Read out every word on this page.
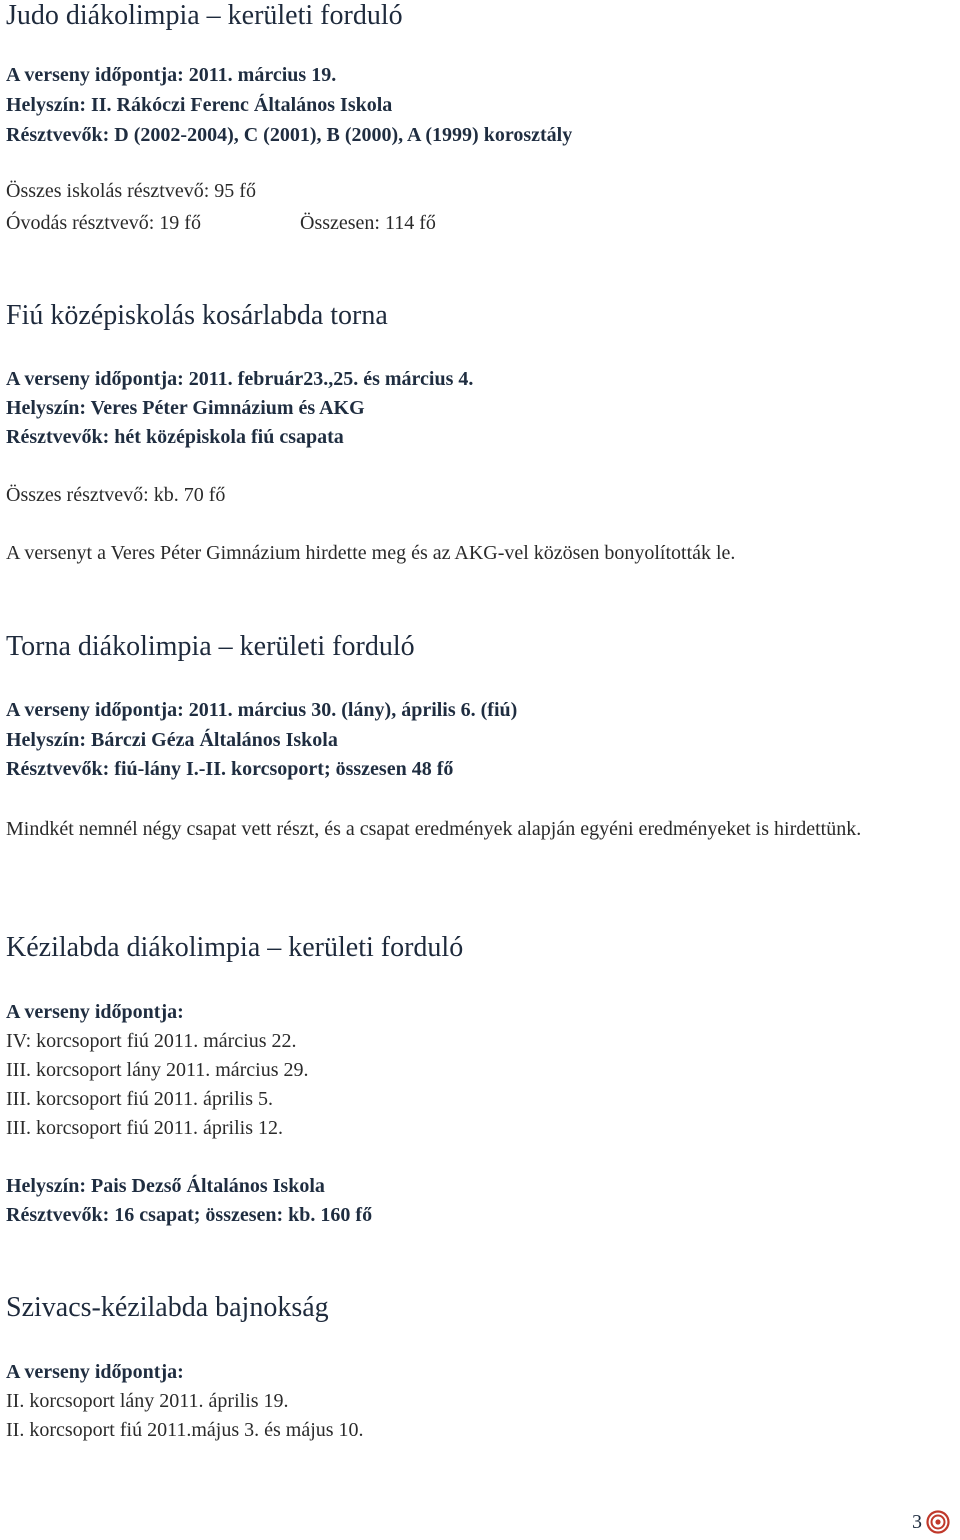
Judo diákolimpia – kerületi forduló
A verseny időpontja: 2011. március 19.
Helyszín: II. Rákóczi Ferenc Általános Iskola
Résztvevők: D (2002-2004), C (2001), B (2000), A (1999) korosztály
Összes iskolás résztvevő: 95 fő
Óvodás résztvevő: 19 fő	Összesen: 114 fő
Fiú középiskolás kosárlabda torna
A verseny időpontja: 2011. február23.,25. és március 4.
Helyszín: Veres Péter Gimnázium és AKG
Résztvevők: hét középiskola fiú csapata
Összes résztvevő: kb. 70 fő
A versenyt a Veres Péter Gimnázium hirdette meg és az AKG-vel közösen bonyolították le.
Torna diákolimpia – kerületi forduló
A verseny időpontja: 2011. március 30. (lány), április 6. (fiú)
Helyszín: Bárczi Géza Általános Iskola
Résztvevők: fiú-lány I.-II. korcsoport; összesen 48 fő
Mindkét nemnél négy csapat vett részt, és a csapat eredmények alapján egyéni eredményeket is hirdettünk.
Kézilabda diákolimpia – kerületi forduló
A verseny időpontja:
IV: korcsoport fiú 2011. március 22.
III. korcsoport lány 2011. március 29.
III. korcsoport fiú 2011. április 5.
III. korcsoport fiú 2011. április 12.
Helyszín: Pais Dezső Általános Iskola
Résztvevők: 16 csapat; összesen: kb. 160 fő
Szivacs-kézilabda bajnokság
A verseny időpontja:
II. korcsoport lány 2011. április 19.
II. korcsoport fiú 2011.május 3. és május 10.
3
